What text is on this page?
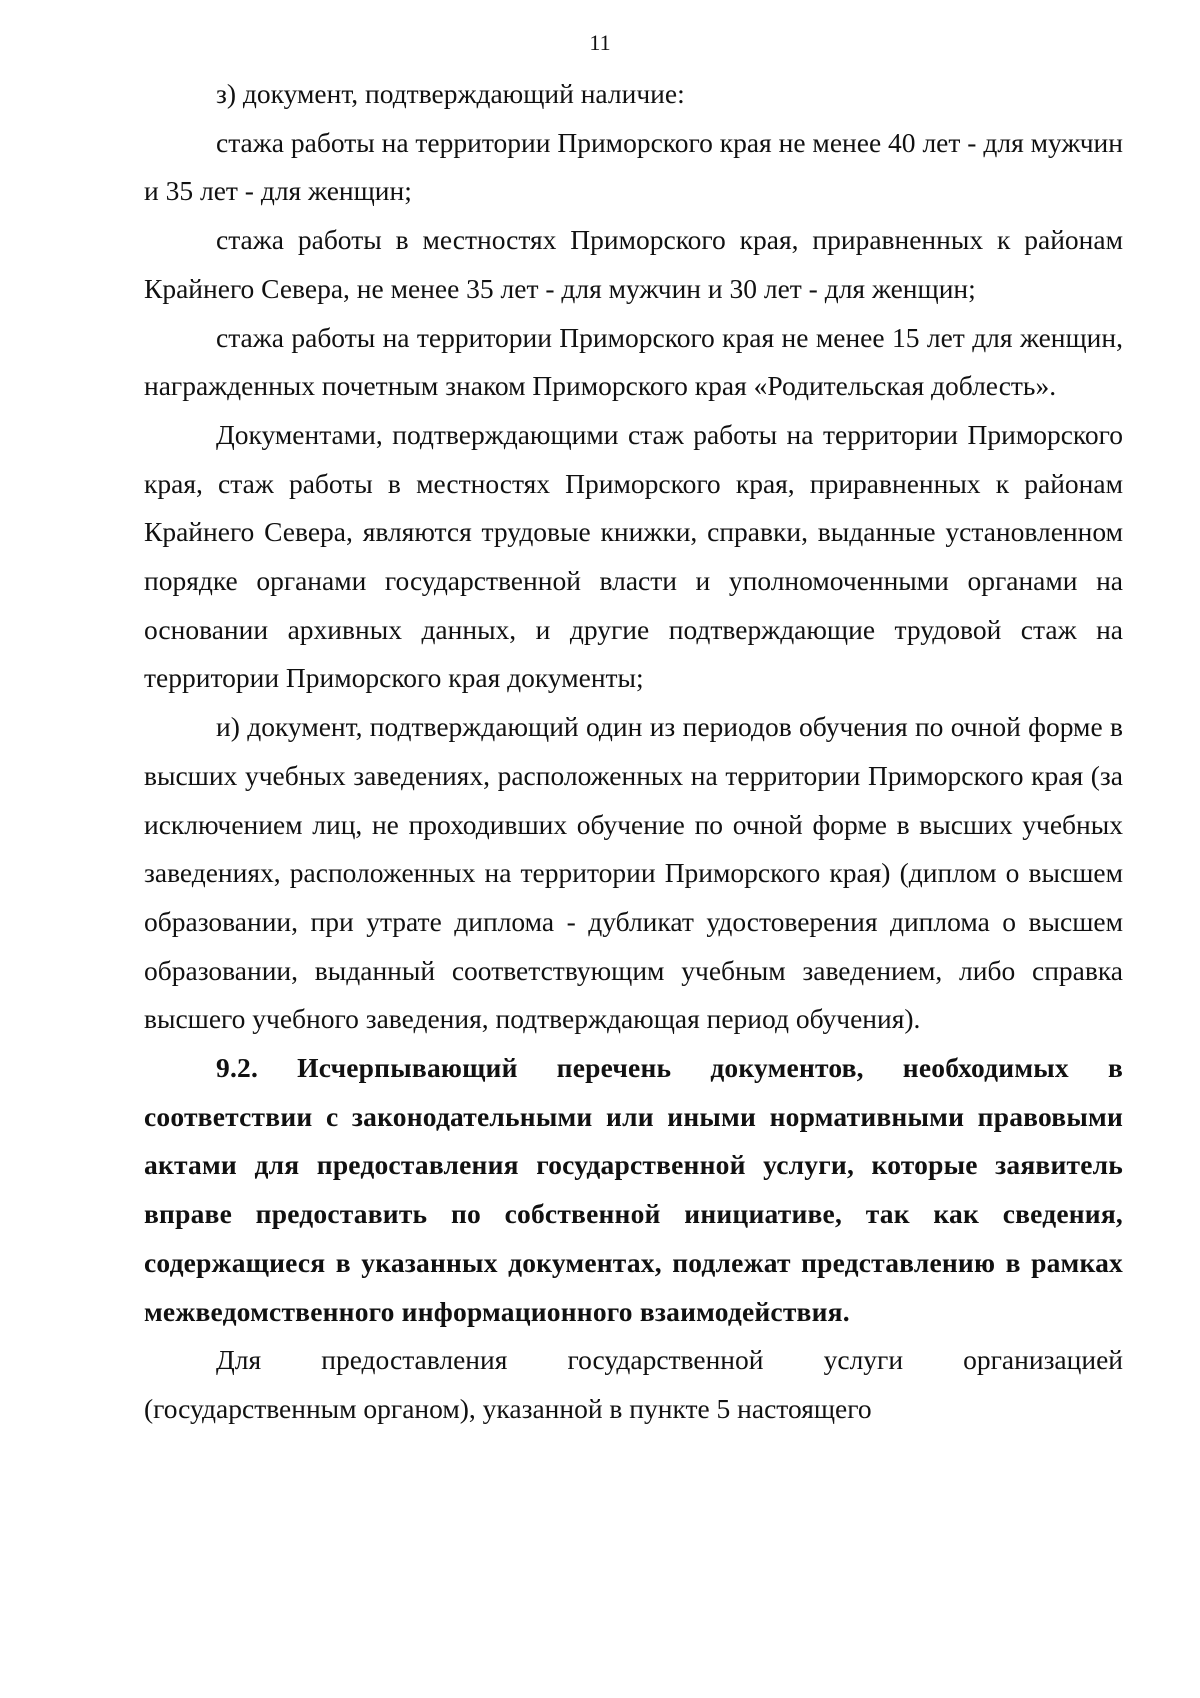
11

з) документ, подтверждающий наличие:

стажа работы на территории Приморского края не менее 40 лет - для мужчин и 35 лет - для женщин;

стажа работы в местностях Приморского края, приравненных к районам Крайнего Севера, не менее 35 лет - для мужчин и 30 лет - для женщин;

стажа работы на территории Приморского края не менее 15 лет для женщин, награжденных почетным знаком Приморского края «Родительская доблесть».

Документами, подтверждающими стаж работы на территории Приморского края, стаж работы в местностях Приморского края, приравненных к районам Крайнего Севера, являются трудовые книжки, справки, выданные установленном порядке органами государственной власти и уполномоченными органами на основании архивных данных, и другие подтверждающие трудовой стаж на территории Приморского края документы;

и) документ, подтверждающий один из периодов обучения по очной форме в высших учебных заведениях, расположенных на территории Приморского края (за исключением лиц, не проходивших обучение по очной форме в высших учебных заведениях, расположенных на территории Приморского края) (диплом о высшем образовании, при утрате диплома - дубликат удостоверения диплома о высшем образовании, выданный соответствующим учебным заведением, либо справка высшего учебного заведения, подтверждающая период обучения).

9.2. Исчерпывающий перечень документов, необходимых в соответствии с законодательными или иными нормативными правовыми актами для предоставления государственной услуги, которые заявитель вправе предоставить по собственной инициативе, так как сведения, содержащиеся в указанных документах, подлежат представлению в рамках межведомственного информационного взаимодействия.

Для предоставления государственной услуги организацией (государственным органом), указанной в пункте 5 настоящего
